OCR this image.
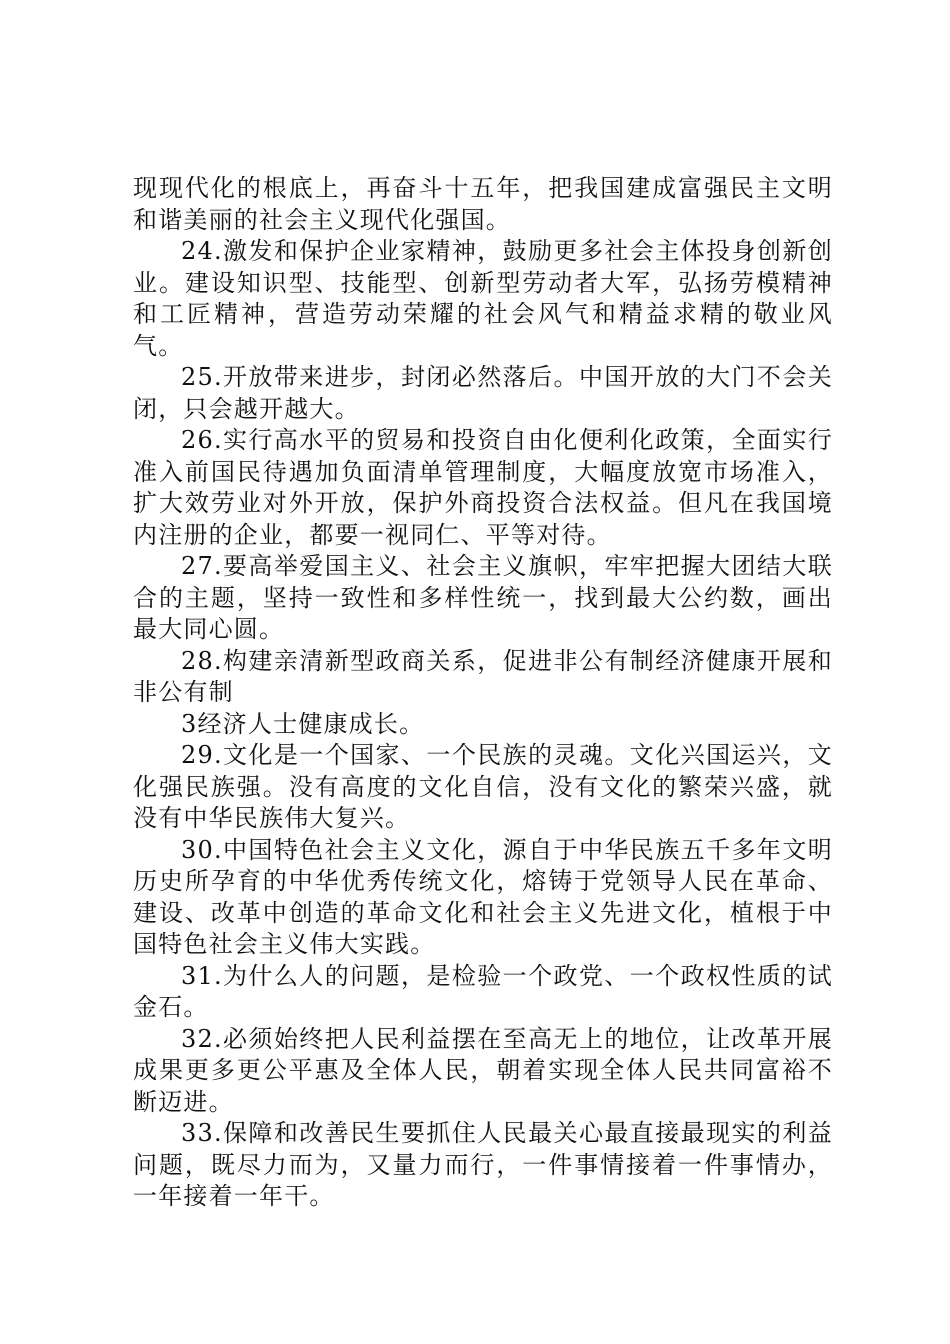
现现代化的根底上，再奋斗十五年，把我国建成富强民主文明和谐美丽的社会主义现代化强国。

24.激发和保护企业家精神，鼓励更多社会主体投身创新创业。建设知识型、技能型、创新型劳动者大军，弘扬劳模精神和工匠精神，营造劳动荣耀的社会风气和精益求精的敬业风气。

25.开放带来进步，封闭必然落后。中国开放的大门不会关闭，只会越开越大。

26.实行高水平的贸易和投资自由化便利化政策，全面实行准入前国民待遇加负面清单管理制度，大幅度放宽市场准入，扩大效劳业对外开放，保护外商投资合法权益。但凡在我国境内注册的企业，都要一视同仁、平等对待。

27.要高举爱国主义、社会主义旗帜，牢牢把握大团结大联合的主题，坚持一致性和多样性统一，找到最大公约数，画出最大同心圆。

28.构建亲清新型政商关系，促进非公有制经济健康开展和非公有制

3经济人士健康成长。

29.文化是一个国家、一个民族的灵魂。文化兴国运兴，文化强民族强。没有高度的文化自信，没有文化的繁荣兴盛，就没有中华民族伟大复兴。

30.中国特色社会主义文化，源自于中华民族五千多年文明历史所孕育的中华优秀传统文化，熔铸于党领导人民在革命、建设、改革中创造的革命文化和社会主义先进文化，植根于中国特色社会主义伟大实践。

31.为什么人的问题，是检验一个政党、一个政权性质的试金石。

32.必须始终把人民利益摆在至高无上的地位，让改革开展成果更多更公平惠及全体人民，朝着实现全体人民共同富裕不断迈进。

33.保障和改善民生要抓住人民最关心最直接最现实的利益问题，既尽力而为，又量力而行，一件事情接着一件事情办，一年接着一年干。
